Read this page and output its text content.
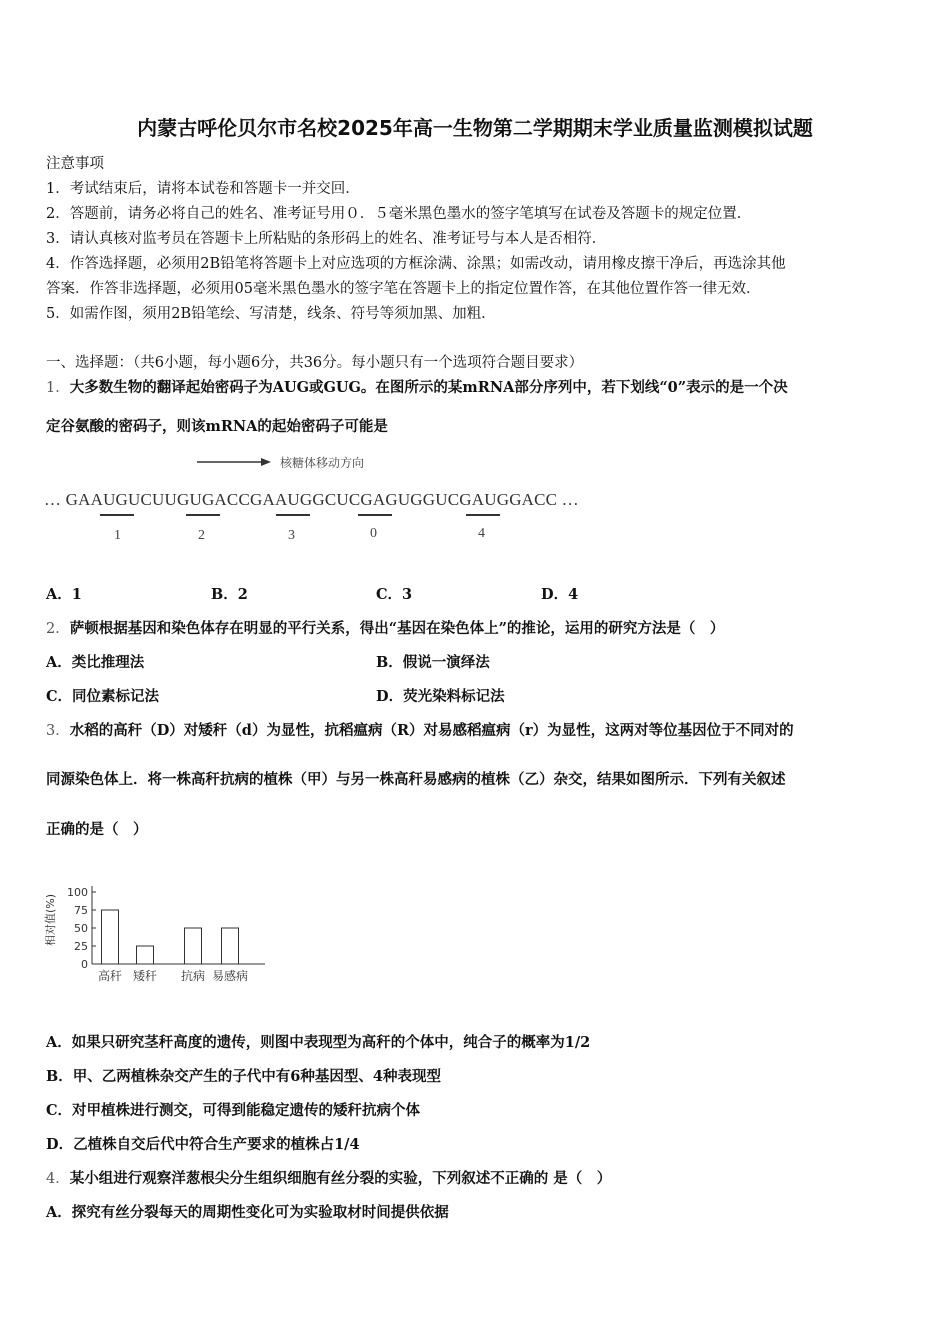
内蒙古呼伦贝尔市名校2025年高一生物第二学期期末学业质量监测模拟试题
注意事项
1．考试结束后，请将本试卷和答题卡一并交回．
2．答题前，请务必将自己的姓名、准考证号用０．５毫米黑色墨水的签字笔填写在试卷及答题卡的规定位置．
3．请认真核对监考员在答题卡上所粘贴的条形码上的姓名、准考证号与本人是否相符．
4．作答选择题，必须用2B铅笔将答题卡上对应选项的方框涂满、涂黑；如需改动，请用橡皮擦干净后，再选涂其他
答案．作答非选择题，必须用05毫米黑色墨水的签字笔在答题卡上的指定位置作答，在其他位置作答一律无效．
5．如需作图，须用2B铅笔绘、写清楚，线条、符号等须加黑、加粗．
一、选择题：（共6小题，每小题6分，共36分。每小题只有一个选项符合题目要求）
1．大多数生物的翻译起始密码子为AUG或GUG。在图所示的某mRNA部分序列中，若下划线“0”表示的是一个决
定谷氨酸的密码子，则该mRNA的起始密码子可能是
核糖体移动方向
… GAAUGUCUUGUGACCGAAUGGCUCGAGUGGUCGAUGGACC …
1	2	3	0	4
A．1	B．2	C．3	D．4
2．萨顿根据基因和染色体存在明显的平行关系，得出“基因在染色体上”的推论，运用的研究方法是（　）
A．类比推理法	B．假说一演绎法
C．同位素标记法	D．荧光染料标记法
3．水稻的高秆（D）对矮秆（d）为显性，抗稻瘟病（R）对易感稻瘟病（r）为显性，这两对等位基因位于不同对的
同源染色体上．将一株高秆抗病的植株（甲）与另一株高秆易感病的植株（乙）杂交，结果如图所示．下列有关叙述
正确的是（　）
相对值(%)
100
75
50
25
0
高秆 矮秆 抗病 易感病
A．如果只研究茎秆高度的遗传，则图中表现型为高秆的个体中，纯合子的概率为1/2
B．甲、乙两植株杂交产生的子代中有6种基因型、4种表现型
C．对甲植株进行测交，可得到能稳定遗传的矮秆抗病个体
D．乙植株自交后代中符合生产要求的植株占1/4
4．某小组进行观察洋葱根尖分生组织细胞有丝分裂的实验，下列叙述不正确的 是（　）
A．探究有丝分裂每天的周期性变化可为实验取材时间提供依据
